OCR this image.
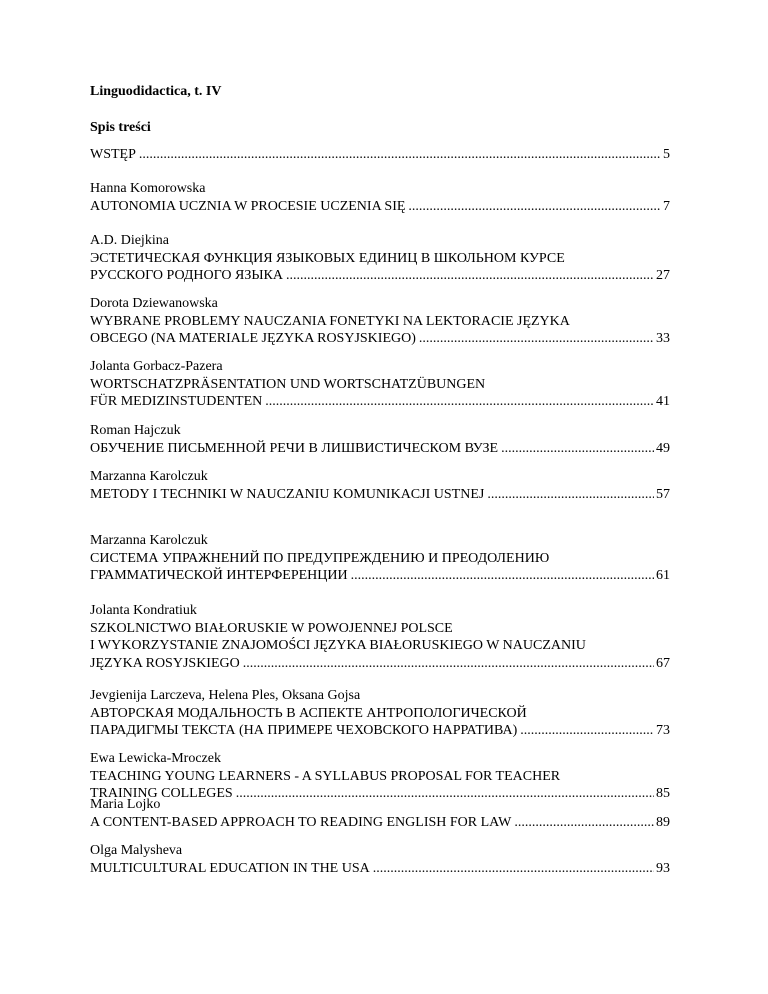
Linguodidactica, t. IV
Spis treści
WSTĘP .....	5
Hanna Komorowska
AUTONOMIA UCZNIA W PROCESIE UCZENIA SIĘ .....	7
A.D. Diejkina
ЭСТЕТИЧЕСКАЯ ФУНКЦИЯ ЯЗЫКОВЫХ ЕДИНИЦ В ШКОЛЬНОМ КУРСЕ
РУССКОГО РОДНОГО ЯЗЫКА .....	27
Dorota Dziewanowska
WYBRANE PROBLEMY NAUCZANIA FONETYKI NA LEKTORACIE JĘZYKA
OBCEGO (NA MATERIALE JĘZYKA ROSYJSKIEGO) .....	33
Jolanta Gorbacz-Pazera
WORTSCHATZPRÄSENTATION UND WORTSCHATZÜBUNGEN
FÜR MEDIZINSTUDENTEN .....	41
Roman Hajczuk
ОБУЧЕНИЕ ПИСЬМЕННОЙ РЕЧИ В ЛИШВИСТИЧЕСКОМ ВУЗЕ .....	49
Marzanna Karolczuk
METODY I TECHNIKI W NAUCZANIU KOMUNIKACJI USTNEJ .....	57
Marzanna Karolczuk
СИСТЕМА УПРАЖНЕНИЙ ПО ПРЕДУПРЕЖДЕНИЮ И ПРЕОДОЛЕНИЮ
ГРАММАТИЧЕСКОЙ ИНТЕРФЕРЕНЦИИ .....	61
Jolanta Kondratiuk
SZKOLNICTWO BIAŁORUSKIE W POWOJENNEJ POLSCE
I WYKORZYSTANIE ZNAJOMOŚCI JĘZYKA BIAŁORUSKIEGO W NAUCZANIU
JĘZYKA ROSYJSKIEGO .....	67
Jevgienija Larczeva, Helena Ples, Oksana Gojsa
АВТОРСКАЯ МОДАЛЬНОСТЬ В АСПЕКТЕ АНТРОПОЛОГИЧЕСКОЙ
ПАРАДИГМЫ ТЕКСТА (НА ПРИМЕРЕ ЧЕХОВСКОГО НАРРАТИВА) .....	73
Ewa Lewicka-Mroczek
TEACHING YOUNG LEARNERS - A SYLLABUS PROPOSAL FOR TEACHER
TRAINING COLLEGES .....	85
Maria Lojko
A CONTENT-BASED APPROACH TO READING ENGLISH FOR LAW .....	89
Olga Malysheva
MULTICULTURAL EDUCATION IN THE USA .....	93
